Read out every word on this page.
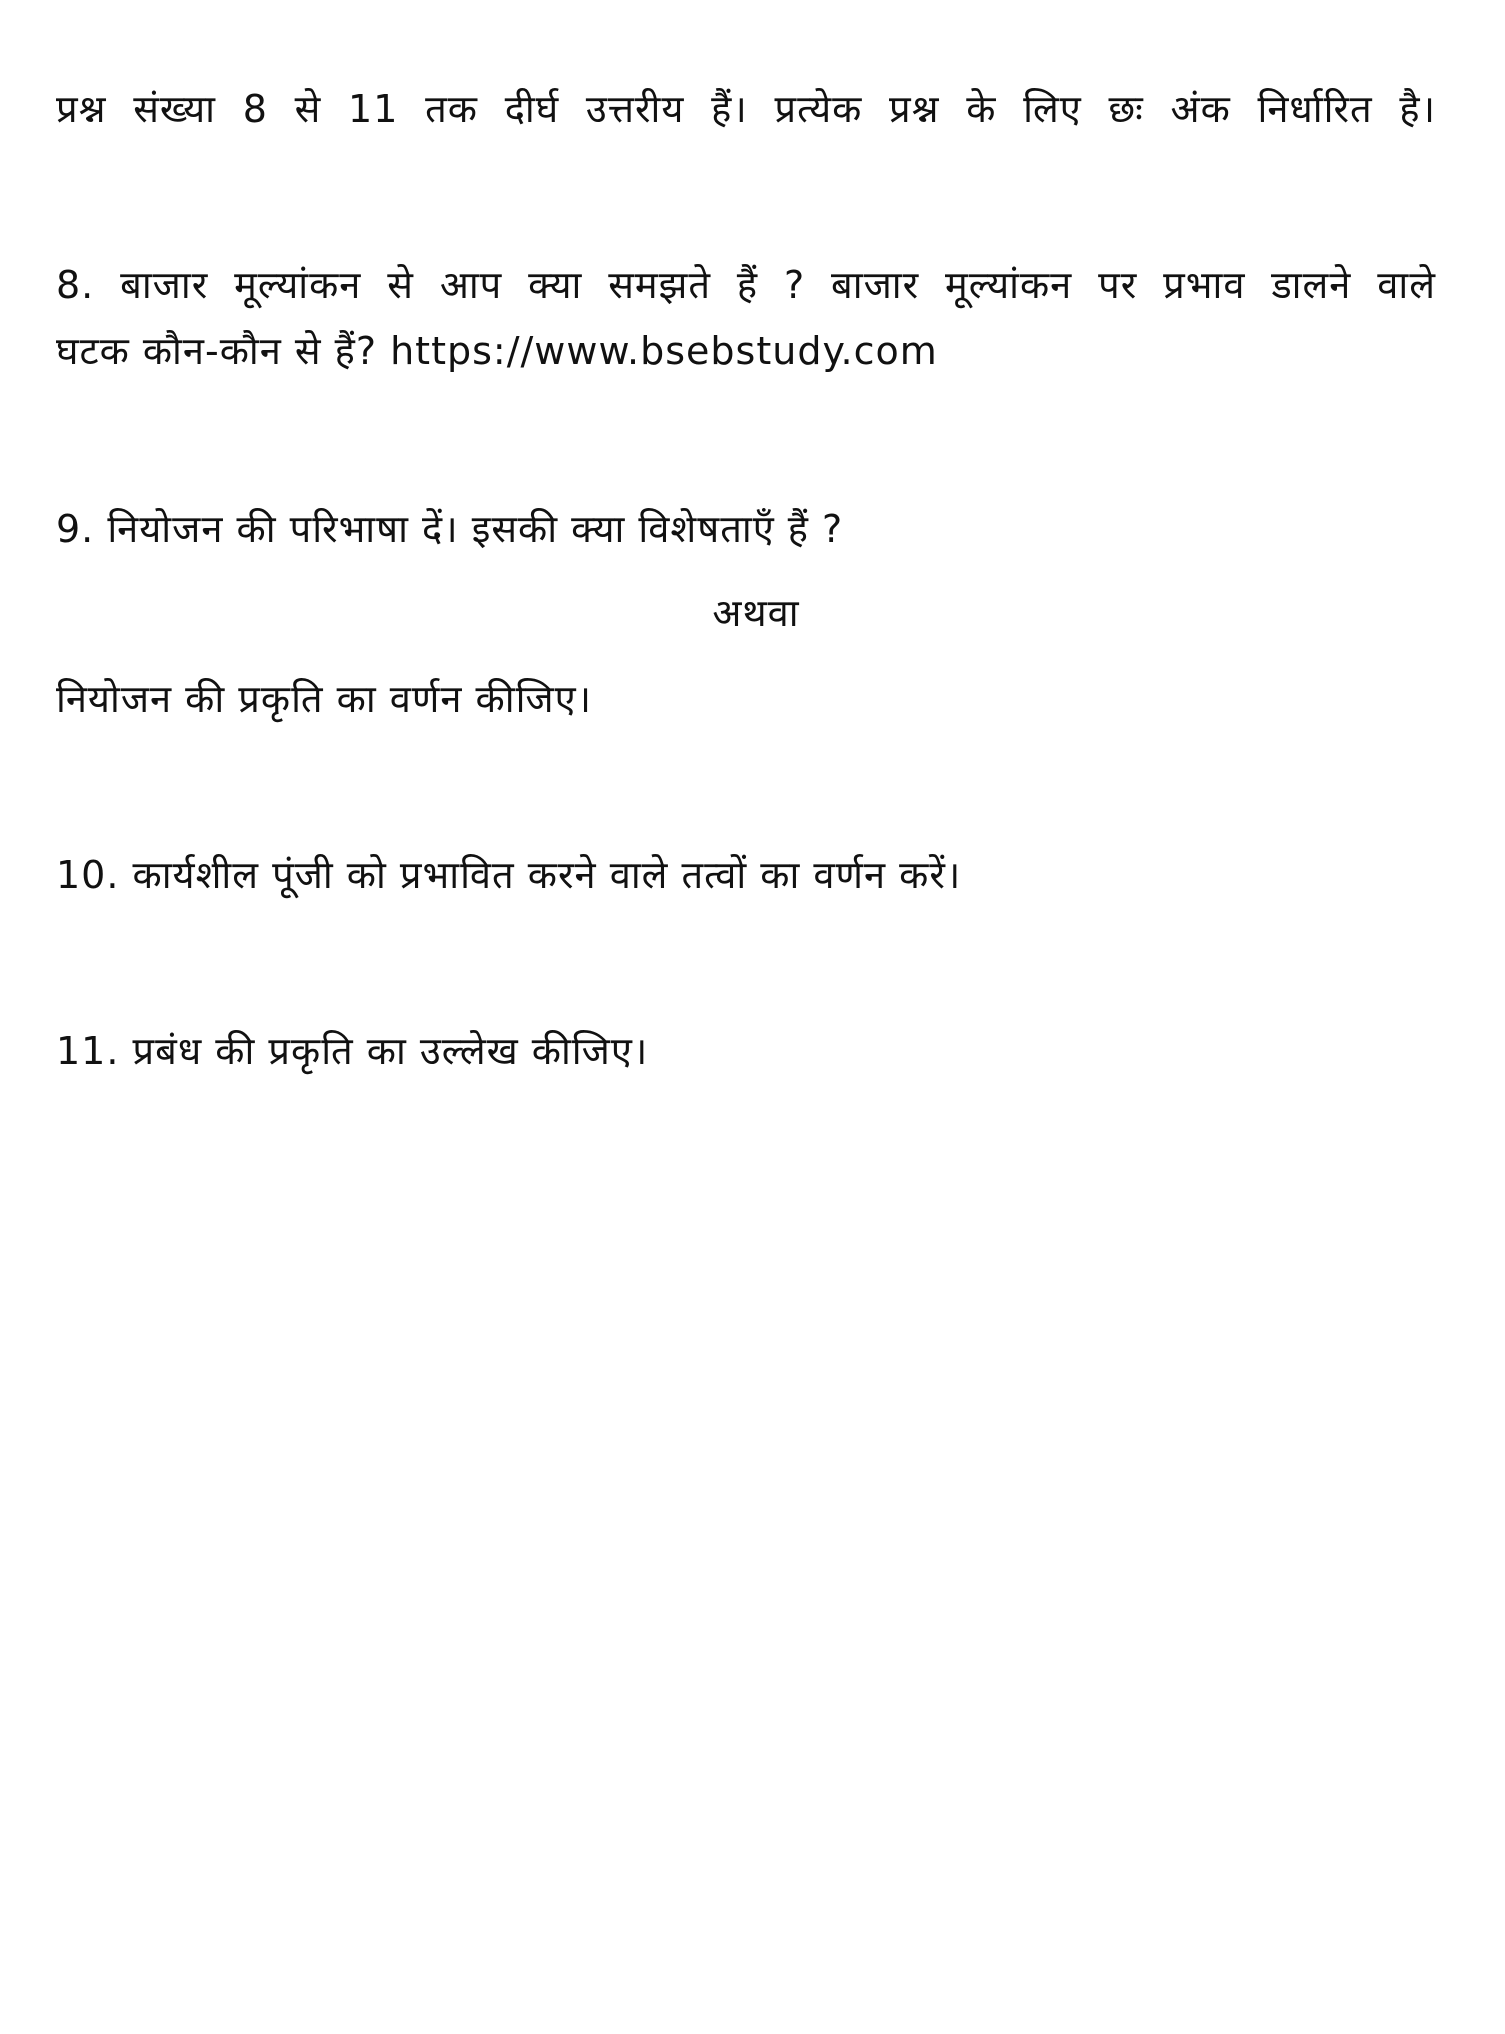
प्रश्न संख्या 8 से 11 तक दीर्घ उत्तरीय हैं। प्रत्येक प्रश्न के लिए छः अंक निर्धारित है।
8. बाजार मूल्यांकन से आप क्या समझते हैं ? बाजार मूल्यांकन पर प्रभाव डालने वाले
घटक कौन-कौन से हैं? https://www.bsebstudy.com
9. नियोजन की परिभाषा दें। इसकी क्या विशेषताएँ हैं ?
अथवा
नियोजन की प्रकृति का वर्णन कीजिए।
10. कार्यशील पूंजी को प्रभावित करने वाले तत्वों का वर्णन करें।
11. प्रबंध की प्रकृति का उल्लेख कीजिए।
